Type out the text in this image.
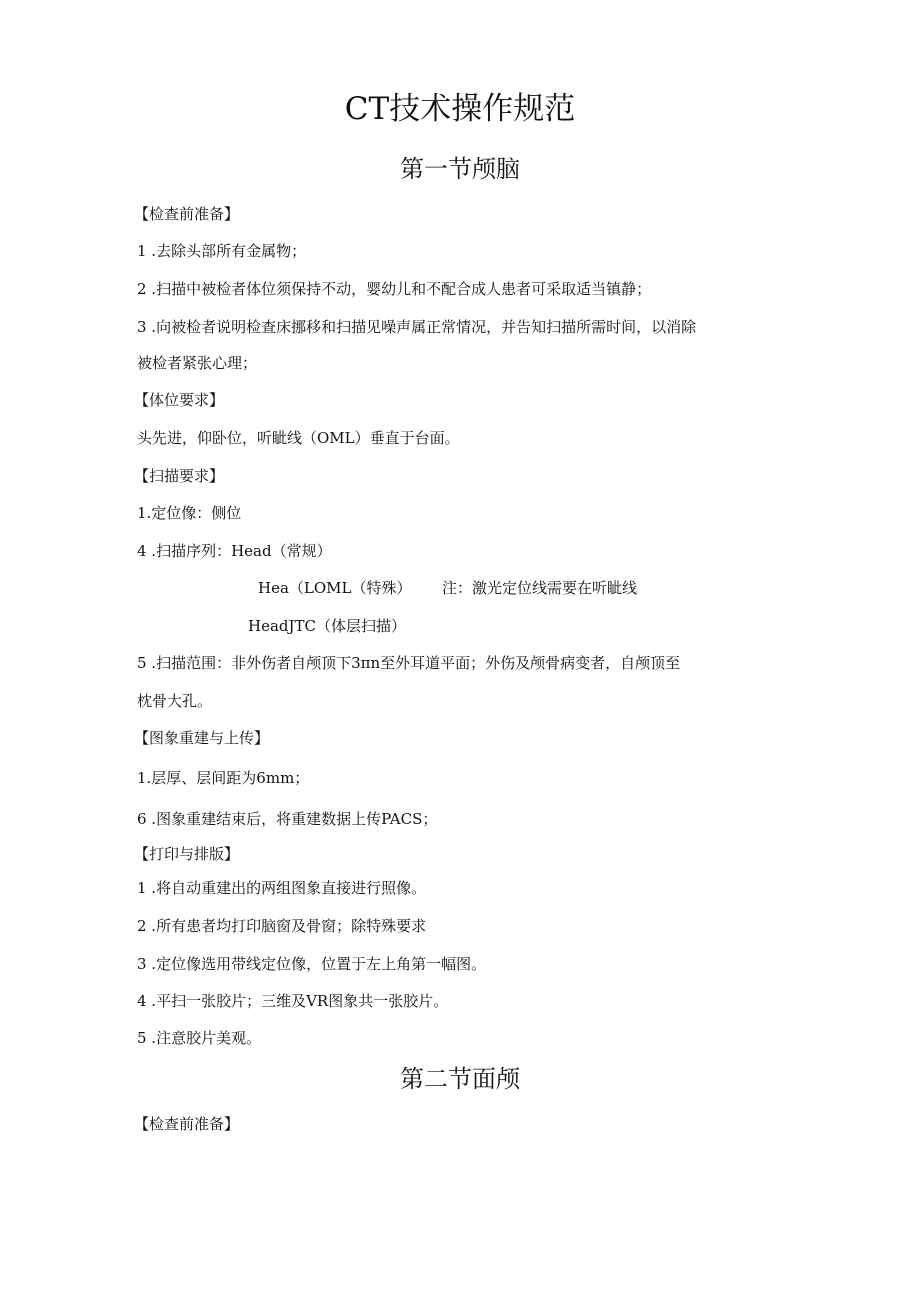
CT技术操作规范
第一节颅脑
【检查前准备】
1 .去除头部所有金属物；
2 .扫描中被检者体位须保持不动，婴幼儿和不配合成人患者可采取适当镇静；
3 .向被检者说明检查床挪移和扫描见噪声属正常情况，并告知扫描所需时间，以消除
被检者紧张心理；
【体位要求】
头先进，仰卧位，听眦线（OML）垂直于台面。
【扫描要求】
1.定位像：侧位
4 .扫描序列：Head（常规）
Hea（LOML（特殊） 注：激光定位线需要在听眦线
HeadJTC（体层扫描）
5 .扫描范围：非外伤者自颅顶下3πn至外耳道平面；外伤及颅骨病变者，自颅顶至
枕骨大孔。
【图象重建与上传】
1.层厚、层间距为6mm；
6 .图象重建结束后，将重建数据上传PACS；
【打印与排版】
1 .将自动重建出的两组图象直接进行照像。
2 .所有患者均打印脑窗及骨窗；除特殊要求
3 .定位像选用带线定位像，位置于左上角第一幅图。
4 .平扫一张胶片；三维及VR图象共一张胶片。
5 .注意胶片美观。
第二节面颅
【检查前准备】
